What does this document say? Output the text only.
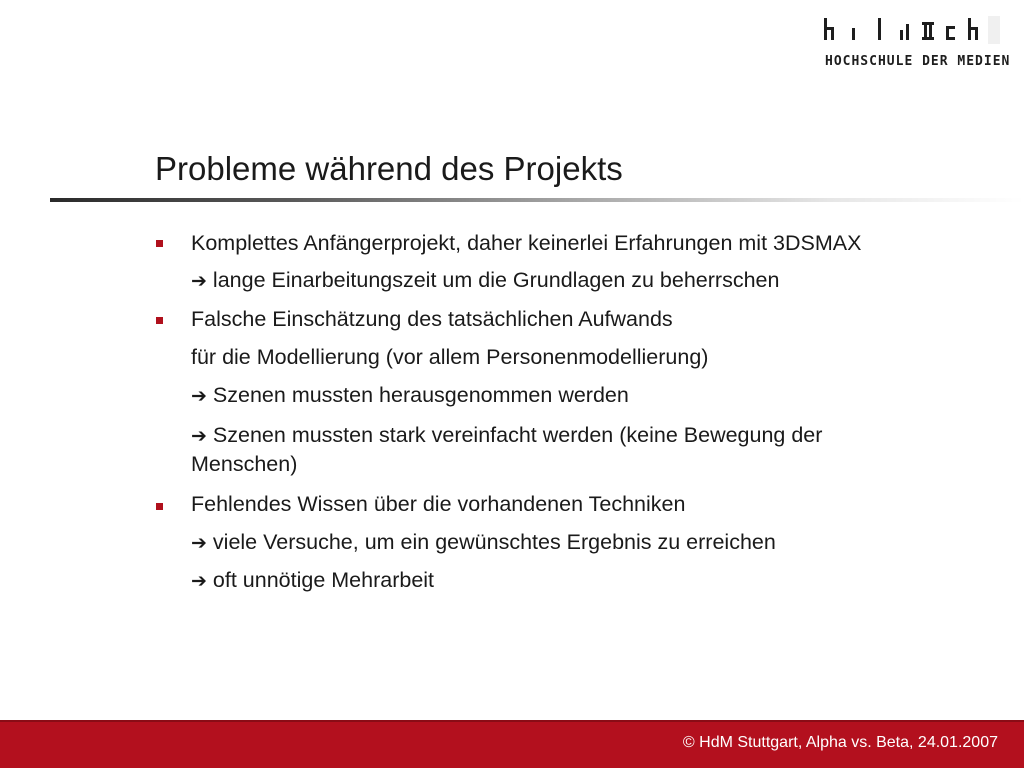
HOCHSCHULE DER MEDIEN
Probleme während des Projekts
Komplettes Anfängerprojekt, daher keinerlei Erfahrungen mit 3DSMAX
➔ lange Einarbeitungszeit um die Grundlagen zu beherrschen
Falsche Einschätzung des tatsächlichen Aufwands
für die Modellierung (vor allem Personenmodellierung)
➔ Szenen mussten herausgenommen werden
➔ Szenen mussten stark vereinfacht werden (keine Bewegung der
Menschen)
Fehlendes Wissen über die vorhandenen Techniken
➔ viele Versuche, um ein gewünschtes Ergebnis zu erreichen
➔ oft unnötige Mehrarbeit
© HdM Stuttgart, Alpha vs. Beta, 24.01.2007
